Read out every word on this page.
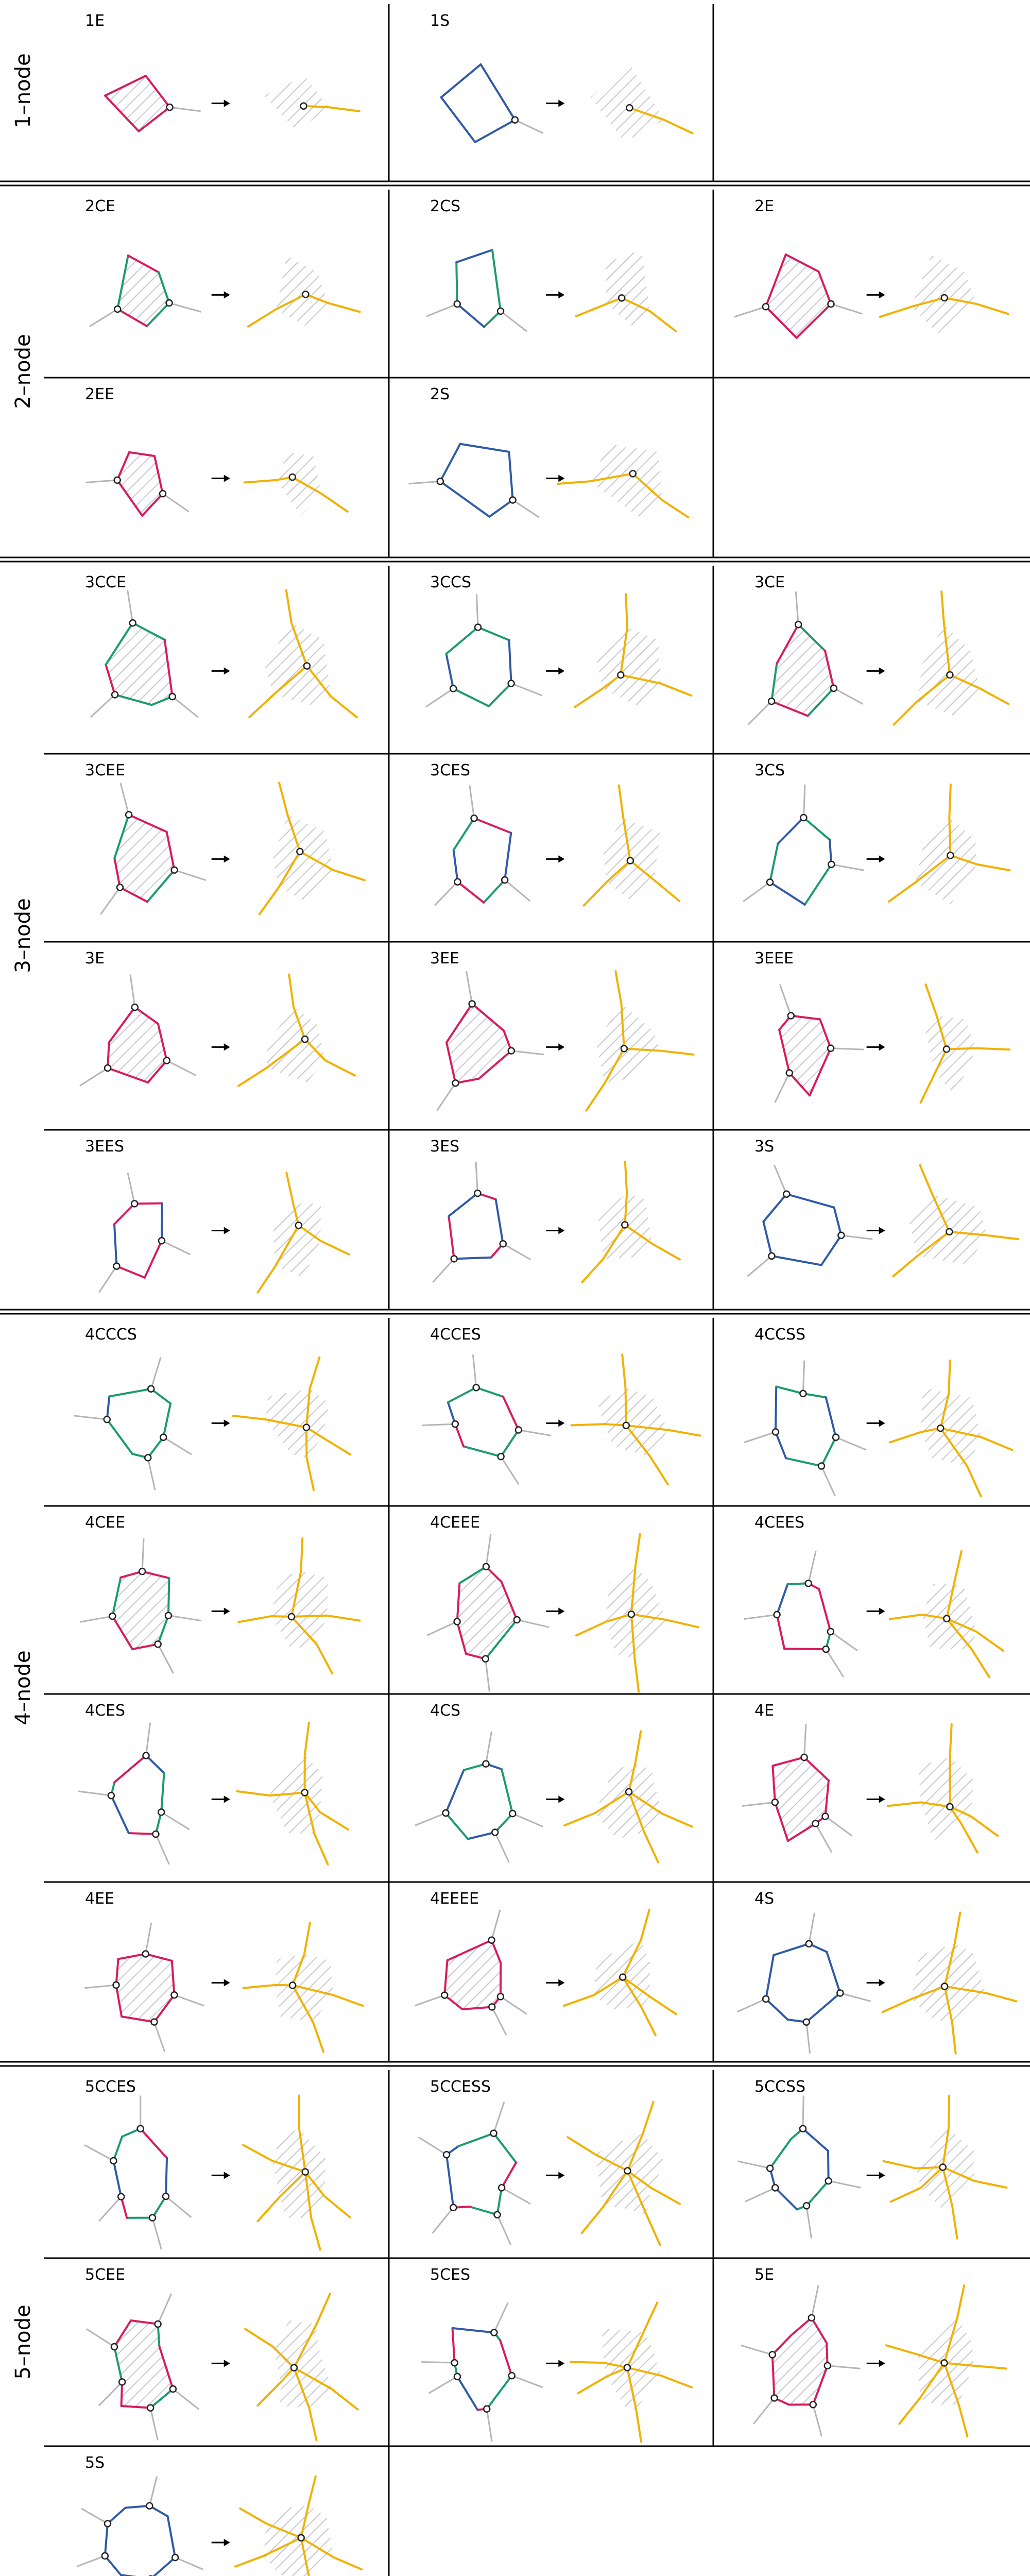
1E	1S
2CE	2CS	2E
2EE	2S
3CCE	3CCS	3CE
3CEE	3CES	3CS
3E	3EE	3EEE
3EES	3ES	3S
4CCCS	4CCES	4CCSS
4CEE	4CEEE	4CEES
4CES	4CS	4E
4EE	4EEEE	4S
5CCES	5CCESS	5CCSS
5CEE	5CES	5E
5S
1–node
2–node
3–node
4–node
5–node
